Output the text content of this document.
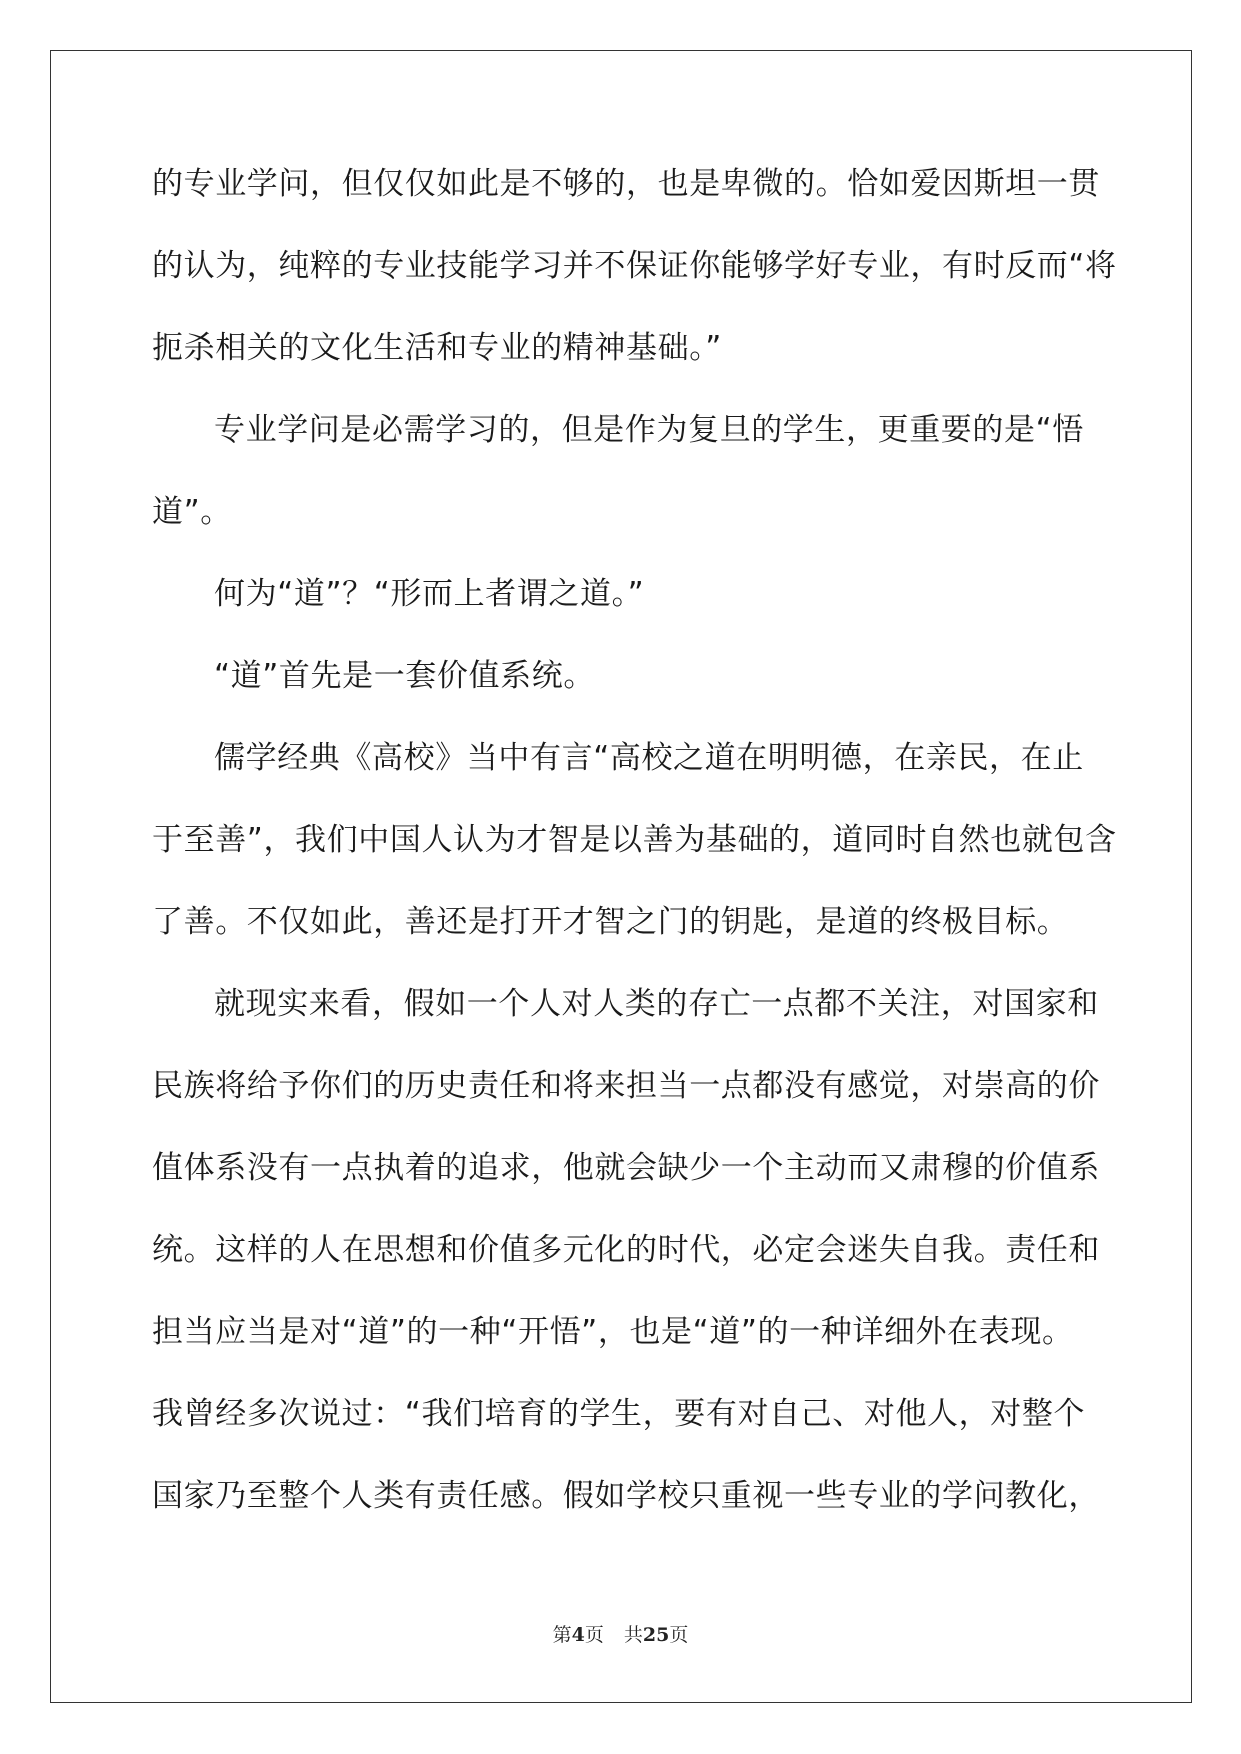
的专业学问，但仅仅如此是不够的，也是卑微的。恰如爱因斯坦一贯
的认为，纯粹的专业技能学习并不保证你能够学好专业，有时反而“将
扼杀相关的文化生活和专业的精神基础。”
专业学问是必需学习的，但是作为复旦的学生，更重要的是“悟
道”。
何为“道”？“形而上者谓之道。”
“道”首先是一套价值系统。
儒学经典《高校》当中有言“高校之道在明明德，在亲民，在止
于至善”，我们中国人认为才智是以善为基础的，道同时自然也就包含
了善。不仅如此，善还是打开才智之门的钥匙，是道的终极目标。
就现实来看，假如一个人对人类的存亡一点都不关注，对国家和
民族将给予你们的历史责任和将来担当一点都没有感觉，对崇高的价
值体系没有一点执着的追求，他就会缺少一个主动而又肃穆的价值系
统。这样的人在思想和价值多元化的时代，必定会迷失自我。责任和
担当应当是对“道”的一种“开悟”，也是“道”的一种详细外在表现。
我曾经多次说过：“我们培育的学生，要有对自己、对他人，对整个
国家乃至整个人类有责任感。假如学校只重视一些专业的学问教化，
第4页 共25页
